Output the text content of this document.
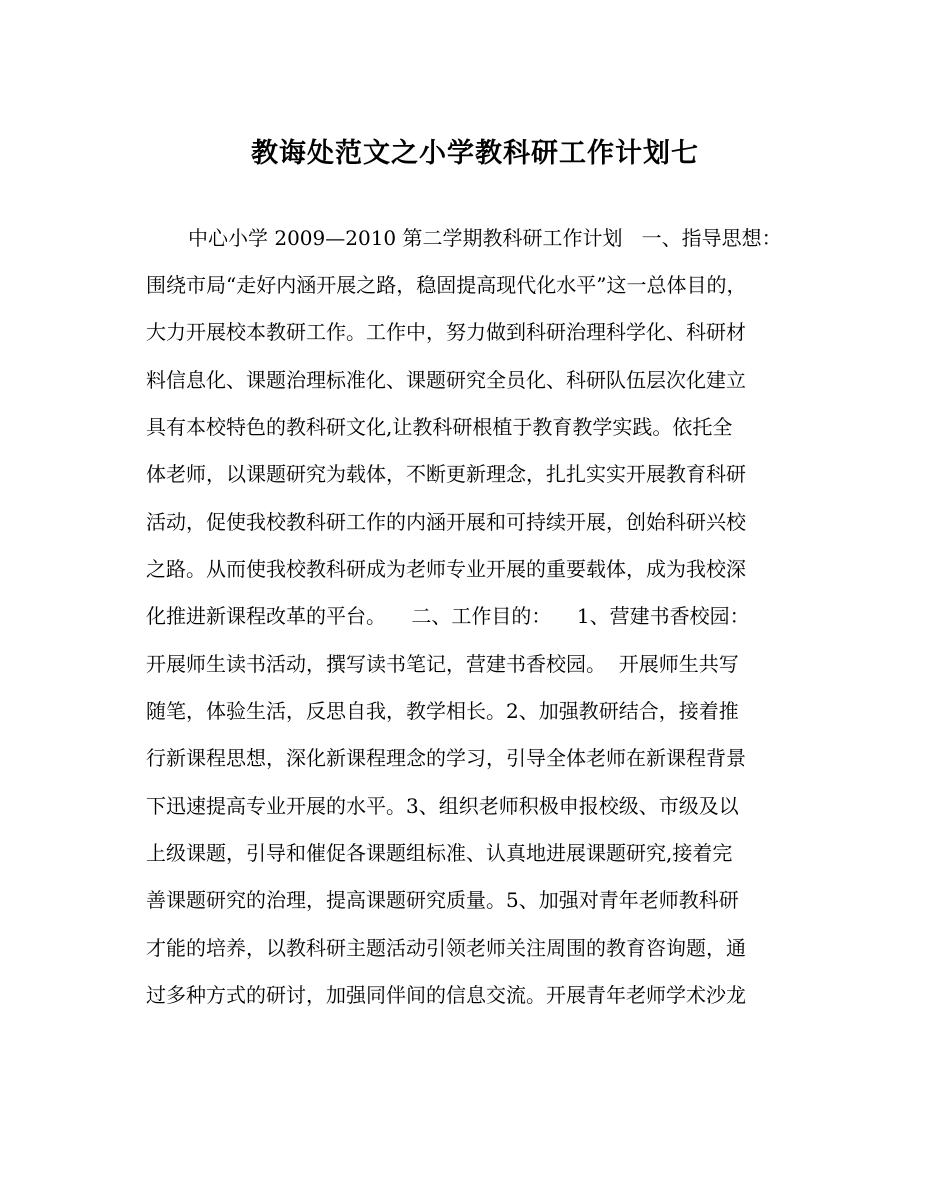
教诲处范文之小学教科研工作计划七
中心小学 2009—2010 第二学期教科研工作计划   一、指导思想：
围绕市局“走好内涵开展之路，稳固提高现代化水平”这一总体目的，
大力开展校本教研工作。工作中，努力做到科研治理科学化、科研材
料信息化、课题治理标准化、课题研究全员化、科研队伍层次化建立
具有本校特色的教科研文化,让教科研根植于教育教学实践。依托全
体老师，以课题研究为载体，不断更新理念，扎扎实实开展教育科研
活动，促使我校教科研工作的内涵开展和可持续开展，创始科研兴校
之路。从而使我校教科研成为老师专业开展的重要载体，成为我校深
化推进新课程改革的平台。    二、工作目的：    1、营建书香校园：
开展师生读书活动，撰写读书笔记，营建书香校园。  开展师生共写
随笔，体验生活，反思自我，教学相长。2、加强教研结合，接着推
行新课程思想，深化新课程理念的学习，引导全体老师在新课程背景
下迅速提高专业开展的水平。3、组织老师积极申报校级、市级及以
上级课题，引导和催促各课题组标准、认真地进展课题研究,接着完
善课题研究的治理，提高课题研究质量。5、加强对青年老师教科研
才能的培养，以教科研主题活动引领老师关注周围的教育咨询题，通
过多种方式的研讨，加强同伴间的信息交流。开展青年老师学术沙龙
